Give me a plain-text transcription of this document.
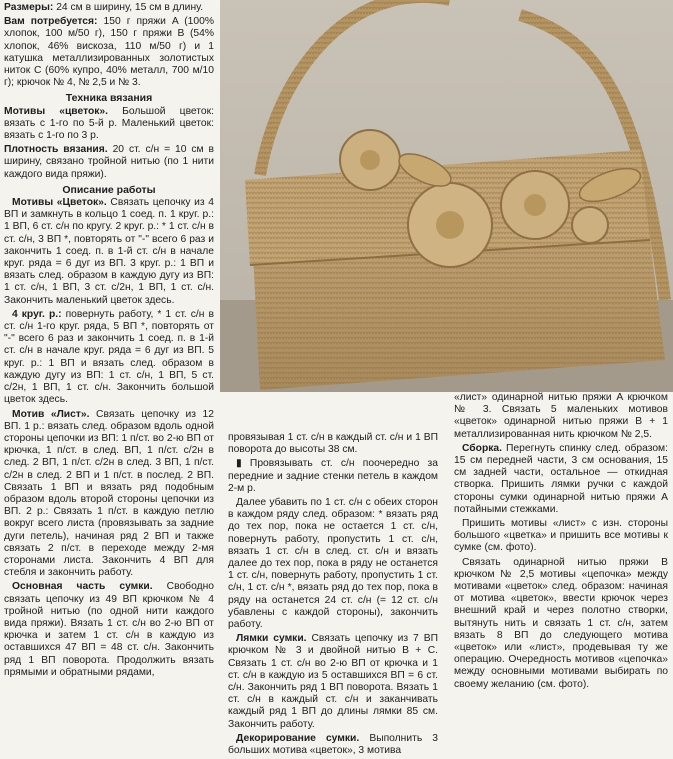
Размеры: 24 см в ширину, 15 см в длину.

Вам потребуется: 150 г пряжи A (100% хлопок, 100 м/50 г), 150 г пряжи B (54% хлопок, 46% вискоза, 110 м/50 г) и 1 катушка металлизированных золотистых ниток C (60% купро, 40% металл, 700 м/10 г); крючок № 4, № 2,5 и № 3.

Техника вязания

Мотивы «цветок». Большой цветок: вязать с 1-го по 5-й р. Маленький цветок: вязать с 1-го по 3 р.

Плотность вязания. 20 ст. с/н = 10 см в ширину, связано тройной нитью (по 1 нити каждого вида пряжи).

Описание работы

Мотивы «Цветок». Связать цепочку из 4 ВП и замкнуть в кольцо 1 соед. п. 1 круг. р.: 1 ВП, 6 ст. с/н по кругу. 2 круг. р.: * 1 ст. с/н в ст. с/н, 3 ВП *, повторять от "-" всего 6 раз и закончить 1 соед. п. в 1-й ст. с/н в начале круг. ряда = 6 дуг из ВП. 3 круг. р.: 1 ВП и вязать след. образом в каждую дугу из ВП: 1 ст. с/н, 1 ВП, 3 ст. с/2н, 1 ВП, 1 ст. с/н. Закончить маленький цветок здесь.

4 круг. р.: повернуть работу, * 1 ст. с/н в ст. с/н 1-го круг. ряда, 5 ВП *, повторять от "-" всего 6 раз и закончить 1 соед. п. в 1-й ст. с/н в начале круг. ряда = 6 дуг из ВП. 5 круг. р.: 1 ВП и вязать след. образом в каждую дугу из ВП: 1 ст. с/н, 1 ВП, 5 ст. с/2н, 1 ВП, 1 ст. с/н. Закончить большой цветок здесь.

Мотив «Лист». Связать цепочку из 12 ВП. 1 р.: вязать след. образом вдоль одной стороны цепочки из ВП: 1 п/ст. во 2-ю ВП от крючка, 1 п/ст. в след. ВП, 1 п/ст. с/2н в след. 2 ВП, 1 п/ст. с/2н в след. 3 ВП, 1 п/ст. с/2н в след. 2 ВП и 1 п/ст. в послед. 2 ВП. Связать 1 ВП и вязать ряд подобным образом вдоль второй стороны цепочки из ВП. 2 р.: Связать 1 п/ст. в каждую петлю вокруг всего листа (провязывать за задние дуги петель), начиная ряд 2 ВП и также связать 2 п/ст. в переходе между 2-мя сторонами листа. Закончить 4 ВП для стебля и закончить работу.

Основная часть сумки. Свободно связать цепочку из 49 ВП крючком № 4 тройной нитью (по одной нити каждого вида пряжи). Вязать 1 ст. с/н во 2-ю ВП от крючка и затем 1 ст. с/н в каждую из оставшихся 47 ВП = 48 ст. с/н. Закончить ряд 1 ВП поворота. Продолжить вязать прямыми и обратными рядами,

провязывая 1 ст. с/н в каждый ст. с/н и 1 ВП поворота до высоты 38 см.

▮ Провязывать ст. с/н поочередно за передние и задние стенки петель в каждом 2-м р.

Далее убавить по 1 ст. с/н с обеих сторон в каждом ряду след. образом: * вязать ряд до тех пор, пока не остается 1 ст. с/н, повернуть работу, пропустить 1 ст. с/н, вязать 1 ст. с/н в след. ст. с/н и вязать далее до тех пор, пока в ряду не останется 1 ст. с/н, повернуть работу, пропустить 1 ст. с/н, 1 ст. с/н *, вязать ряд до тех пор, пока в ряду на останется 24 ст. с/н (= 12 ст. с/н убавлены с каждой стороны), закончить работу.

Лямки сумки. Связать цепочку из 7 ВП крючком № 3 и двойной нитью B + C. Связать 1 ст. с/н во 2-ю ВП от крючка и 1 ст. с/н в каждую из 5 оставшихся ВП = 6 ст. с/н. Закончить ряд 1 ВП поворота. Вязать 1 ст. с/н в каждый ст. с/н и заканчивать каждый ряд 1 ВП до длины лямки 85 см. Закончить работу.

Декорирование сумки. Выполнить 3 больших мотива «цветок», 3 мотива

«лист» одинарной нитью пряжи A крючком № 3. Связать 5 маленьких мотивов «цветок» одинарной нитью пряжи B + 1 металлизированная нить крючком № 2,5.

Сборка. Перегнуть спинку след. образом: 15 см передней части, 3 см основания, 15 см задней части, остальное — откидная створка. Пришить лямки ручки с каждой стороны сумки одинарной нитью пряжи A потайными стежками.

Пришить мотивы «лист» с изн. стороны большого «цветка» и пришить все мотивы к сумке (см. фото).

Связать одинарной нитью пряжи B крючком № 2,5 мотивы «цепочка» между мотивами «цветок» след. образом: начиная от мотива «цветок», ввести крючок через внешний край и через полотно створки, вытянуть нить и связать 1 ст. с/н, затем вязать 8 ВП до следующего мотива «цветок» или «лист», продевывая ту же операцию. Очередность мотивов «цепочка» между основными мотивами выбирать по своему желанию (см. фото).
